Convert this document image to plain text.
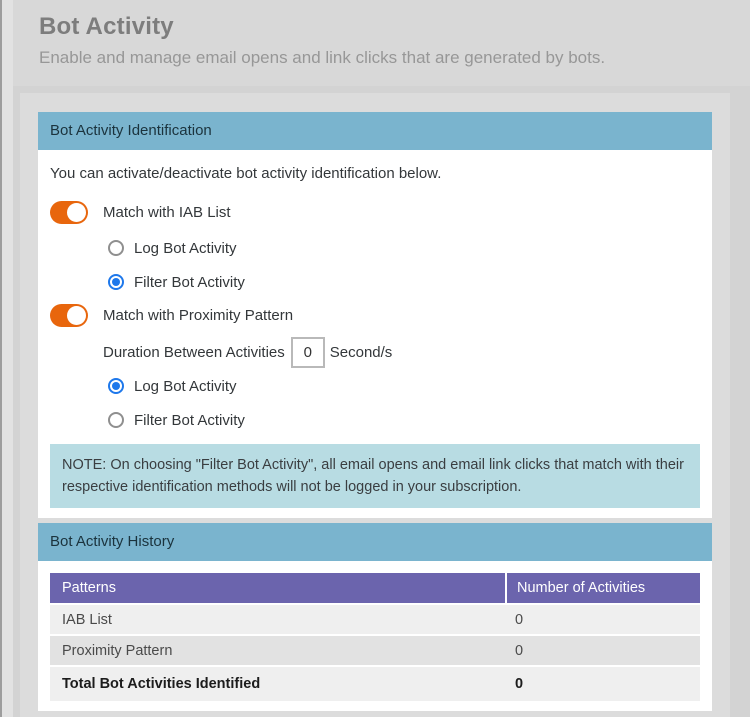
Bot Activity
Enable and manage email opens and link clicks that are generated by bots.
Bot Activity Identification

You can activate/deactivate bot activity identification below.

Match with IAB List
Log Bot Activity
Filter Bot Activity
Match with Proximity Pattern
Duration Between Activities
0	Second/s
Log Bot Activity
Filter Bot Activity
NOTE: On choosing "Filter Bot Activity", all email opens and email link clicks that match with their respective identification methods will not be logged in your subscription.
Bot Activity History
Patterns	Number of Activities
IAB List	0
Proximity Pattern	0
Total Bot Activities Identified	0
